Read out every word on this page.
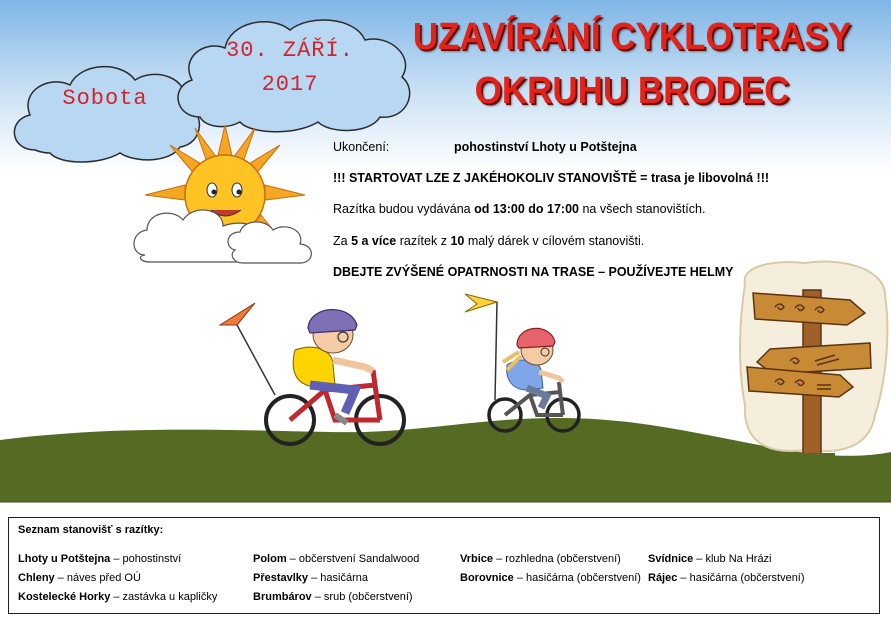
Sobota
30. ZÁŘÍ.
2017
UZAVÍRÁNÍ CYKLOTRASY
OKRUHU BRODEC
Ukončení:	pohostinství Lhoty u Potštejna
!!! STARTOVAT LZE Z JAKÉHOKOLIV STANOVIŠTĚ = trasa je libovolná !!!
Razítka budou vydávána od 13:00 do 17:00 na všech stanovištích.
Za 5 a více razítek z 10 malý dárek v cílovém stanovišti.
DBEJTE ZVÝŠENÉ OPATRNOSTI NA TRASE – POUŽÍVEJTE HELMY
Seznam stanovišť s razítky:
Lhoty u Potštejna – pohostinství
Chleny – náves před OÚ
Kostelecké Horky – zastávka u kapličky
Polom – občerstvení Sandalwood
Přestavlky – hasičárna
Brumbárov – srub (občerstvení)
Vrbice – rozhledna (občerstvení)
Borovnice – hasičárna (občerstvení)
Svídnice – klub Na Hrázi
Rájec – hasičárna (občerstvení)
